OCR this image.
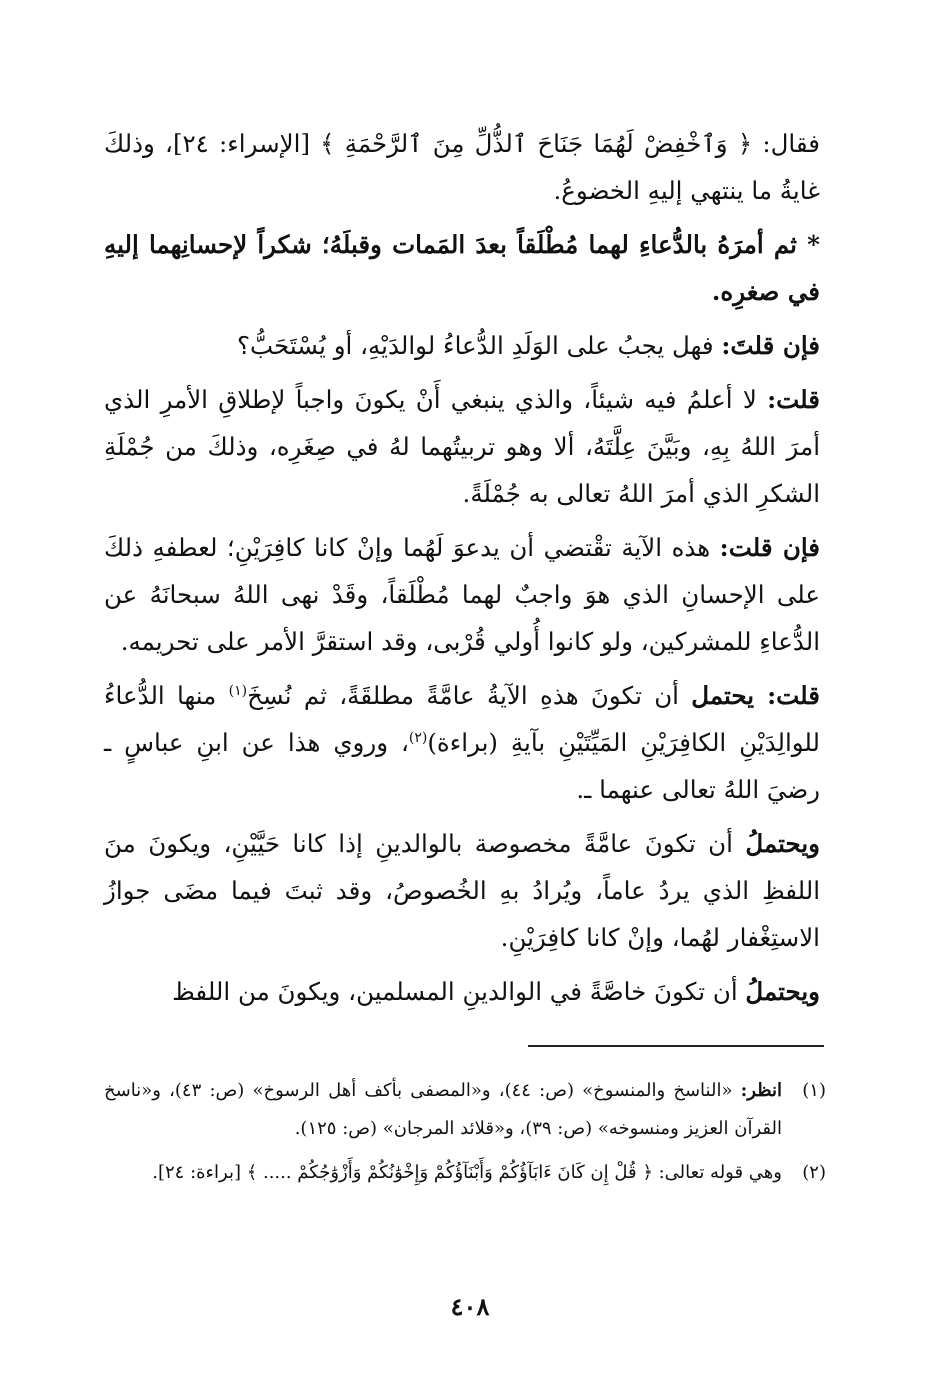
فقال: ﴿ وَٱخْفِضْ لَهُمَا جَنَاحَ ٱلذُّلِّ مِنَ ٱلرَّحْمَةِ ﴾ [الإسراء: ٢٤]، وذلكَ غايةُ ما ينتهي إليهِ الخضوعُ.

* ثم أمرَهُ بالدُّعاءِ لهما مُطْلَقاً بعدَ المَمات وقبلَهُ؛ شكراً لإحسانِهما إليهِ في صغرِه.

فإن قلتَ: فهل يجبُ على الوَلَدِ الدُّعاءُ لوالدَيْهِ، أو يُسْتَحَبُّ؟

قلت: لا أعلمُ فيه شيئاً، والذي ينبغي أَنْ يكونَ واجباً لإطلاقِ الأمرِ الذي أمرَ اللهُ بِهِ، وبَيَّنَ عِلَّتَهُ، ألا وهو تربيتُهما لهُ في صِغَرِه، وذلكَ من جُمْلَةِ الشكرِ الذي أمرَ اللهُ تعالى به جُمْلَةً.

فإن قلت: هذه الآية تقْتضي أن يدعوَ لَهُما وإنْ كانا كافِرَيْنِ؛ لعطفهِ ذلكَ على الإحسانِ الذي هوَ واجبٌ لهما مُطْلَقاً، وقَدْ نهى اللهُ سبحانَهُ عن الدُّعاءِ للمشركين، ولو كانوا أُولي قُرْبى، وقد استقرَّ الأمر على تحريمه.

قلت: يحتمل أن تكونَ هذهِ الآيةُ عامَّةً مطلقَةً، ثم نُسِخَ$^{(١)}$ منها الدُّعاءُ للوالِدَيْنِ الكافِرَيْنِ المَيِّتَيْنِ بآيةِ (براءة)$^{(٢)}$، وروي هذا عن ابنِ عباسٍ ـ رضيَ اللهُ تعالى عنهما ـ.

ويحتملُ أن تكونَ عامَّةً مخصوصة بالوالدينِ إذا كانا حَيَّيْنِ، ويكونَ منَ اللفظِ الذي يردُ عاماً، ويُرادُ بهِ الخُصوصُ، وقد ثبتَ فيما مضَى جوازُ الاستِغْفار لهُما، وإنْ كانا كافِرَيْنِ.

ويحتملُ أن تكونَ خاصَّةً في الوالدينِ المسلمين، ويكونَ من اللفظ

(١)
انظر: «الناسخ والمنسوخ» (ص: ٤٤)، و«المصفى بأكف أهل الرسوخ» (ص: ٤٣)، و«ناسخ القرآن العزيز ومنسوخه» (ص: ٣٩)، و«قلائد المرجان» (ص: ١٢٥).
(٢)
وهي قوله تعالى: ﴿ قُلْ إِن كَانَ ءَابَآؤُكُمْ وَأَبْنَآؤُكُمْ وَإِخْوَٰنُكُمْ وَأَزْوَٰجُكُمْ ..... ﴾ [براءة: ٢٤].
٤٠٨
